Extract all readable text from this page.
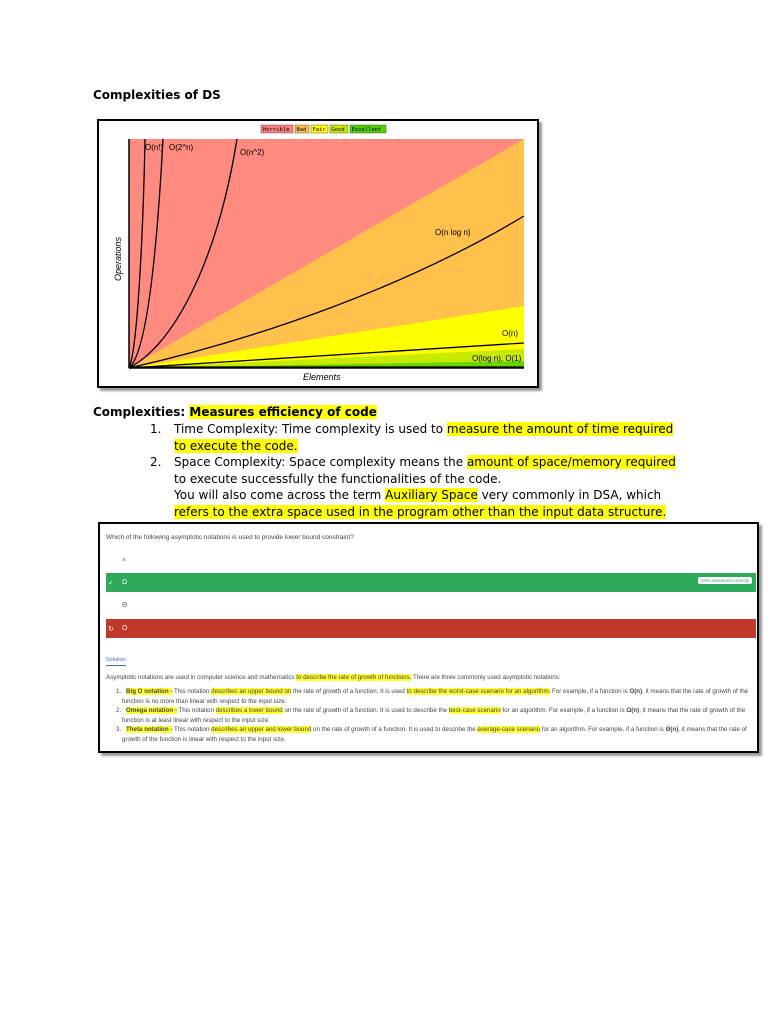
Complexities of DS
Horrible Bad Fair Good Excellent
O(n!) O(2^n)
O(n^2)
O(n log n)
O(n)
O(log n), O(1)
Elements
Operations
Complexities: Measures efficiency of code
1. Time Complexity: Time complexity is used to measure the amount of time required to execute the code.
2. Space Complexity: Space complexity means the amount of space/memory required to execute successfully the functionalities of the code.
You will also come across the term Auxiliary Space very commonly in DSA, which refers to the extra space used in the program other than the input data structure.
Which of the following asymptotic notations is used to provide lower bound constraint?
×
✓	Ω	10% answered correctly
Θ
↻	O
Solution
Asymptotic notations are used in computer science and mathematics to describe the rate of growth of functions. There are three commonly used asymptotic notations:
1. Big O notation - This notation describes an upper bound on the rate of growth of a function. It is used to describe the worst-case scenario for an algorithm. For example, if a function is O(n), it means that the rate of growth of the function is no more than linear with respect to the input size.
2. Omega notation - This notation describes a lower bound on the rate of growth of a function. It is used to describe the best-case scenario for an algorithm. For example, if a function is Ω(n), it means that the rate of growth of the function is at least linear with respect to the input size.
3. Theta notation - This notation describes an upper and lower bound on the rate of growth of a function. It is used to describe the average-case scenario for an algorithm. For example, if a function is Θ(n), it means that the rate of growth of the function is linear with respect to the input size.
